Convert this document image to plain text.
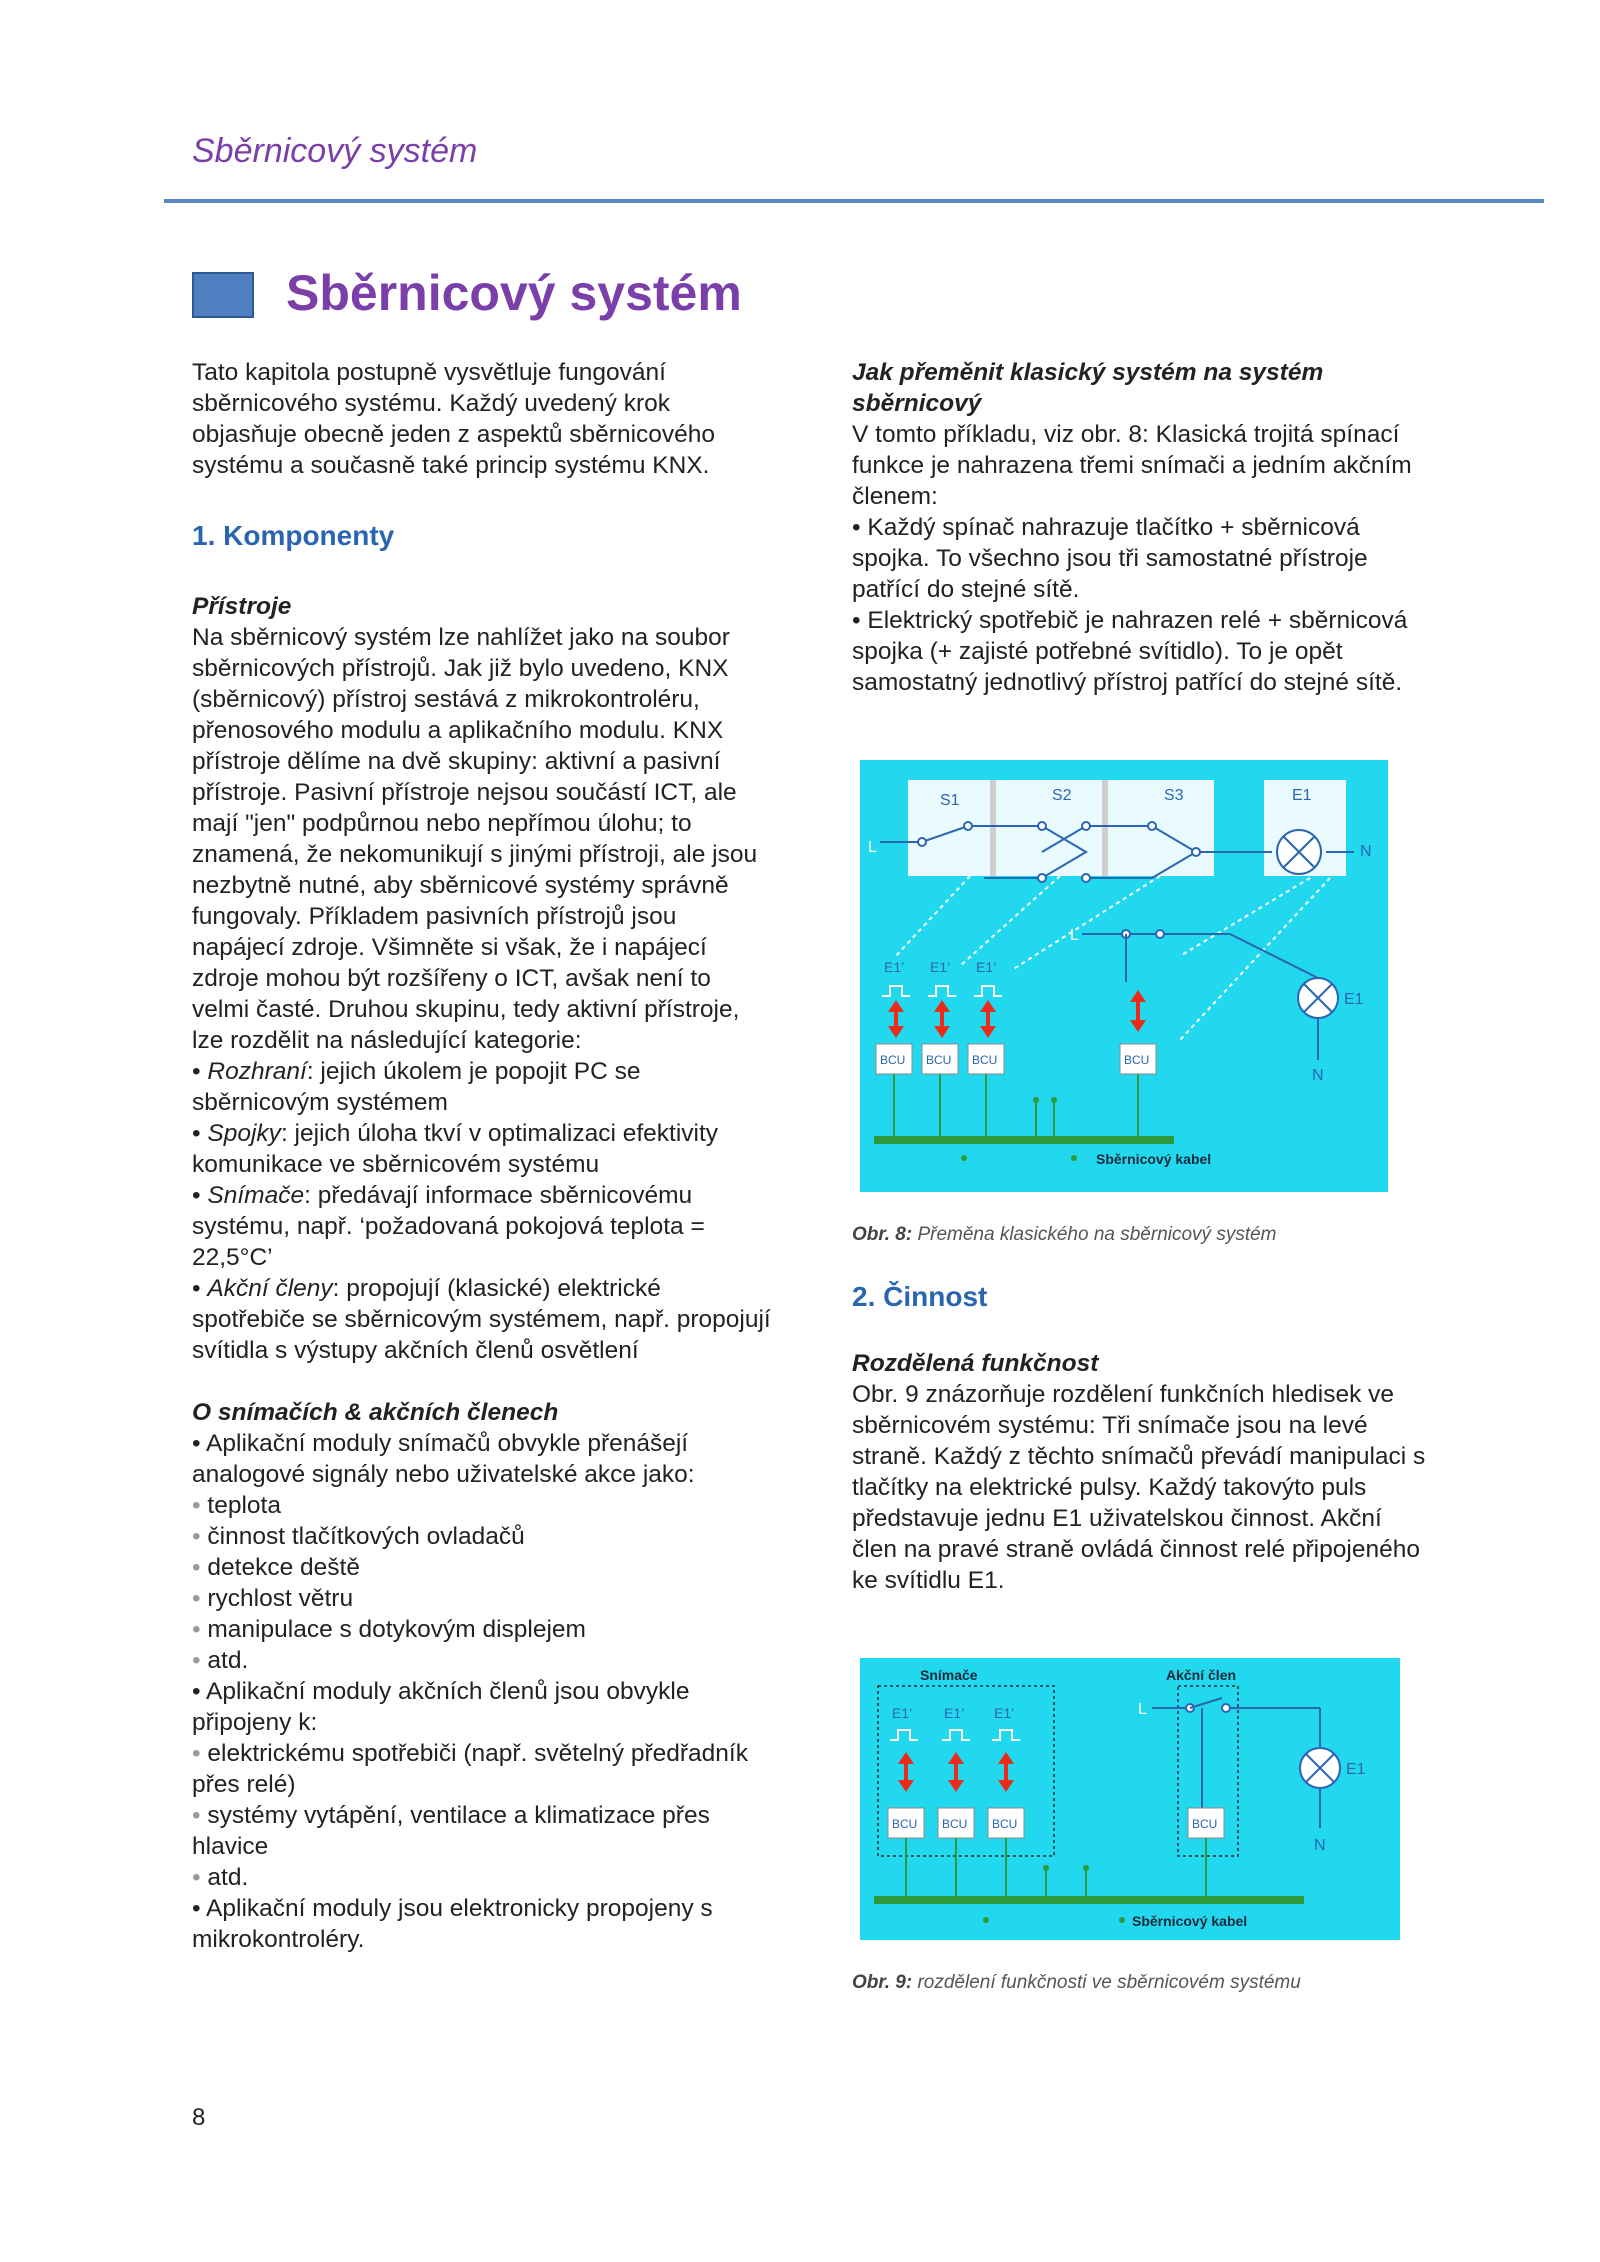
Sběrnicový systém
Sběrnicový systém

Tato kapitola postupně vysvětluje fungování sběrnicového systému. Každý uvedený krok objasňuje obecně jeden z aspektů sběrnicového systému a současně také princip systému KNX.

1. Komponenty

Přístroje

Na sběrnicový systém lze nahlížet jako na soubor sběrnicových přístrojů. Jak již bylo uvedeno, KNX (sběrnicový) přístroj sestává z mikrokontroléru, přenosového modulu a aplikačního modulu. KNX přístroje dělíme na dvě skupiny: aktivní a pasivní přístroje. Pasivní přístroje nejsou součástí ICT, ale mají "jen" podpůrnou nebo nepřímou úlohu; to znamená, že nekomunikují s jinými přístroji, ale jsou nezbytně nutné, aby sběrnicové systémy správně fungovaly. Příkladem pasivních přístrojů jsou napájecí zdroje. Všimněte si však, že i napájecí zdroje mohou být rozšířeny o ICT, avšak není to velmi časté. Druhou skupinu, tedy aktivní přístroje, lze rozdělit na následující kategorie:

• Rozhraní: jejich úkolem je popojit PC se sběrnicovým systémem

• Spojky: jejich úloha tkví v optimalizaci efektivity komunikace ve sběrnicovém systému

• Snímače: předávají informace sběrnicovému systému, např. ‘požadovaná pokojová teplota = 22,5°C’

• Akční členy: propojují (klasické) elektrické spotřebiče se sběrnicovým systémem, např. propojují svítidla s výstupy akčních členů osvětlení

O snímačích & akčních členech

• Aplikační moduly snímačů obvykle přenášejí analogové signály nebo uživatelské akce jako:

• teplota

• činnost tlačítkových ovladačů

• detekce deště

• rychlost větru

• manipulace s dotykovým displejem

• atd.

• Aplikační moduly akčních členů jsou obvykle připojeny k:

• elektrickému spotřebiči (např. světelný předřadník přes relé)

• systémy vytápění, ventilace a klimatizace přes hlavice

• atd.

• Aplikační moduly jsou elektronicky propojeny s mikrokontroléry.

Jak přeměnit klasický systém na systém sběrnicový

V tomto příkladu, viz obr. 8: Klasická trojitá spínací funkce je nahrazena třemi snímači a jedním akčním členem:

• Každý spínač nahrazuje tlačítko + sběrnicová spojka. To všechno jsou tři samostatné přístroje patřící do stejné sítě.

• Elektrický spotřebič je nahrazen relé + sběrnicová spojka (+ zajisté potřebné svítidlo). To je opět samostatný jednotlivý přístroj patřící do stejné sítě.

S1	S2	S3	E1
L	N
L
E1
N
E1’ E1’ E1’
BCU BCU BCU	BCU
Sběrnicový kabel
Obr. 8: Přeměna klasického na sběrnicový systém

2. Činnost

Rozdělená funkčnost

Obr. 9 znázorňuje rozdělení funkčních hledisek ve sběrnicovém systému: Tři snímače jsou na levé straně. Každý z těchto snímačů převádí manipulaci s tlačítky na elektrické pulsy. Každý takovýto puls představuje jednu E1 uživatelskou činnost. Akční člen na pravé straně ovládá činnost relé připojeného ke svítidlu E1.

Snímače	Akční člen
L
E1
N
E1’ E1’ E1’
BCU BCU BCU	BCU
Sběrnicový kabel
Obr. 9: rozdělení funkčnosti ve sběrnicovém systému
8
